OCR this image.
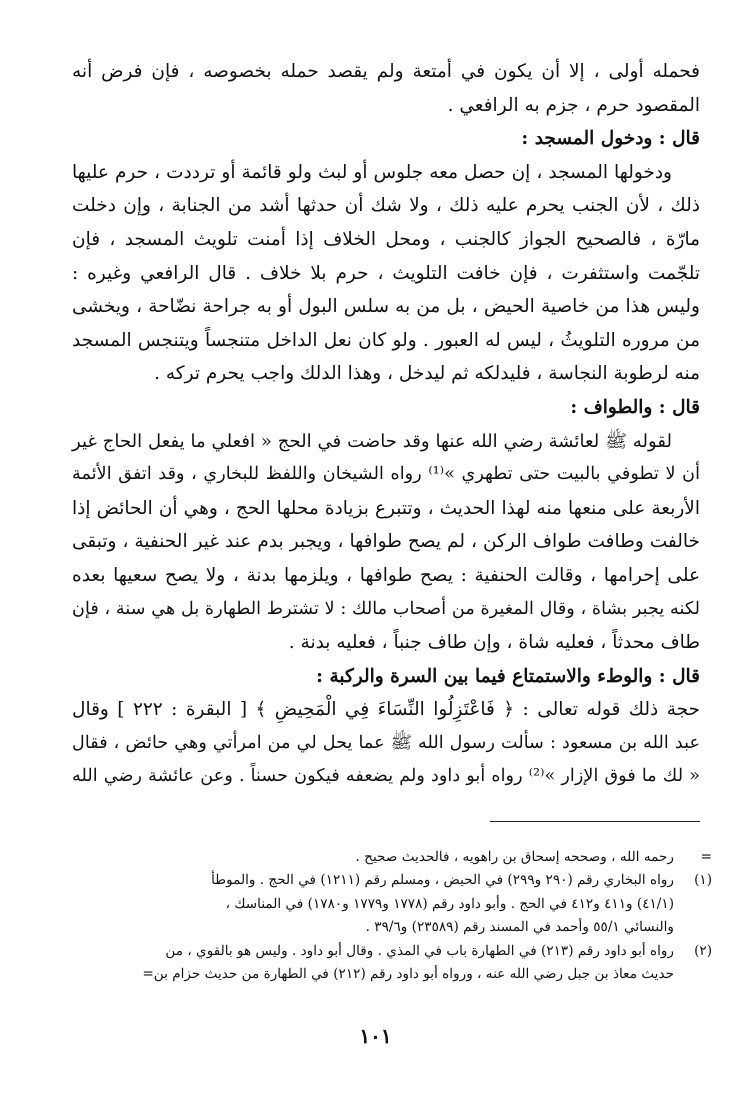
فحمله أولى ، إلا أن يكون في أمتعة ولم يقصد حمله بخصوصه ، فإن فرض أنه
المقصود حرم ، جزم به الرافعي .
قال : ودخول المسجد :
ودخولها المسجد ، إن حصل معه جلوس أو لبث ولو قائمة أو ترددت ، حرم عليها
ذلك ، لأن الجنب يحرم عليه ذلك ، ولا شك أن حدثها أشد من الجنابة ، وإن دخلت
مارّة ، فالصحيح الجواز كالجنب ، ومحل الخلاف إذا أمنت تلويث المسجد ، فإن
تلجّمت واستثفرت ، فإن خافت التلويث ، حرم بلا خلاف . قال الرافعي وغيره :
وليس هذا من خاصية الحيض ، بل من به سلس البول أو به جراحة نضّاحة ، ويخشى
من مروره التلويثُ ، ليس له العبور . ولو كان نعل الداخل متنجساً ويتنجس المسجد
منه لرطوبة النجاسة ، فليدلكه ثم ليدخل ، وهذا الدلك واجب يحرم تركه .
قال : والطواف :
لقوله ﷺ لعائشة رضي الله عنها وقد حاضت في الحج « افعلي ما يفعل الحاج غير
أن لا تطوفي بالبيت حتى تطهري »⁽¹⁾ رواه الشيخان واللفظ للبخاري ، وقد اتفق الأئمة
الأربعة على منعها منه لهذا الحديث ، وتتبرع بزيادة محلها الحج ، وهي أن الحائض إذا
خالفت وطافت طواف الركن ، لم يصح طوافها ، ويجبر بدم عند غير الحنفية ، وتبقى
على إحرامها ، وقالت الحنفية : يصح طوافها ، ويلزمها بدنة ، ولا يصح سعيها بعده
لكنه يجبر بشاة ، وقال المغيرة من أصحاب مالك : لا تشترط الطهارة بل هي سنة ، فإن
طاف محدثاً ، فعليه شاة ، وإن طاف جنباً ، فعليه بدنة .
قال : والوطء والاستمتاع فيما بين السرة والركبة :
حجة ذلك قوله تعالى : ﴿ فَاعْتَزِلُوا النِّسَاءَ فِي الْمَحِيضِ ﴾ [ البقرة : ٢٢٢ ] وقال
عبد الله بن مسعود : سألت رسول الله ﷺ عما يحل لي من امرأتي وهي حائض ، فقال
« لك ما فوق الإزار »⁽²⁾ رواه أبو داود ولم يضعفه فيكون حسناً . وعن عائشة رضي الله
=رحمه الله ، وصححه إسحاق بن راهويه ، فالحديث صحيح .
(١)رواه البخاري رقم (٢٩٠ و٢٩٩) في الحيض ، ومسلم رقم (١٢١١) في الحج . والموطأ
(٤١/١) و٤١١ و٤١٢ في الحج . وأبو داود رقم (١٧٧٨ و١٧٧٩ و١٧٨٠) في المناسك ،
والنسائي ٥٥/١ وأحمد في المسند رقم (٢٣٥٨٩) و٣٩/٦ .
(٢)رواه أبو داود رقم (٢١٣) في الطهارة باب في المذي . وقال أبو داود . وليس هو بالقوي ، من
حديث معاذ بن جبل رضي الله عنه ، ورواه أبو داود رقم (٢١٢) في الطهارة من حديث حزام بن=
١٠١
